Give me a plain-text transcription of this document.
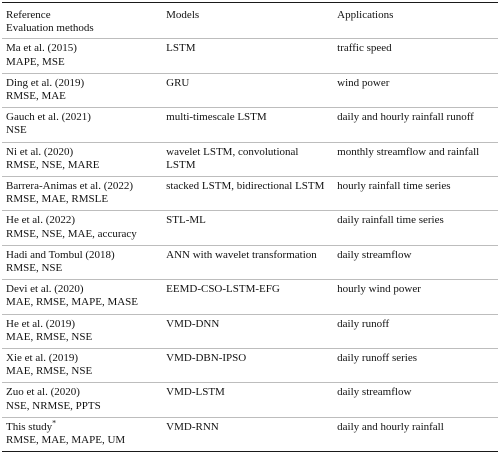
Reference
Evaluation methods	Models	Applications

Ma et al. (2015)
MAPE, MSE	LSTM	traffic speed

Ding et al. (2019)
RMSE, MAE	GRU	wind power

Gauch et al. (2021)
NSE	multi-timescale LSTM	daily and hourly rainfall runoff

Ni et al. (2020)
RMSE, NSE, MARE	wavelet LSTM, convolutional LSTM	monthly streamflow and rainfall

Barrera-Animas et al. (2022)
RMSE, MAE, RMSLE	stacked LSTM, bidirectional LSTM	hourly rainfall time series

He et al. (2022)
RMSE, NSE, MAE, accuracy	STL-ML	daily rainfall time series

Hadi and Tombul (2018)
RMSE, NSE	ANN with wavelet transformation	daily streamflow

Devi et al. (2020)
MAE, RMSE, MAPE, MASE	EEMD-CSO-LSTM-EFG	hourly wind power

He et al. (2019)
MAE, RMSE, NSE	VMD-DNN	daily runoff

Xie et al. (2019)
MAE, RMSE, NSE	VMD-DBN-IPSO	daily runoff series

Zuo et al. (2020)
NSE, NRMSE, PPTS	VMD-LSTM	daily streamflow

This study*
RMSE, MAE, MAPE, UM	VMD-RNN	daily and hourly rainfall
